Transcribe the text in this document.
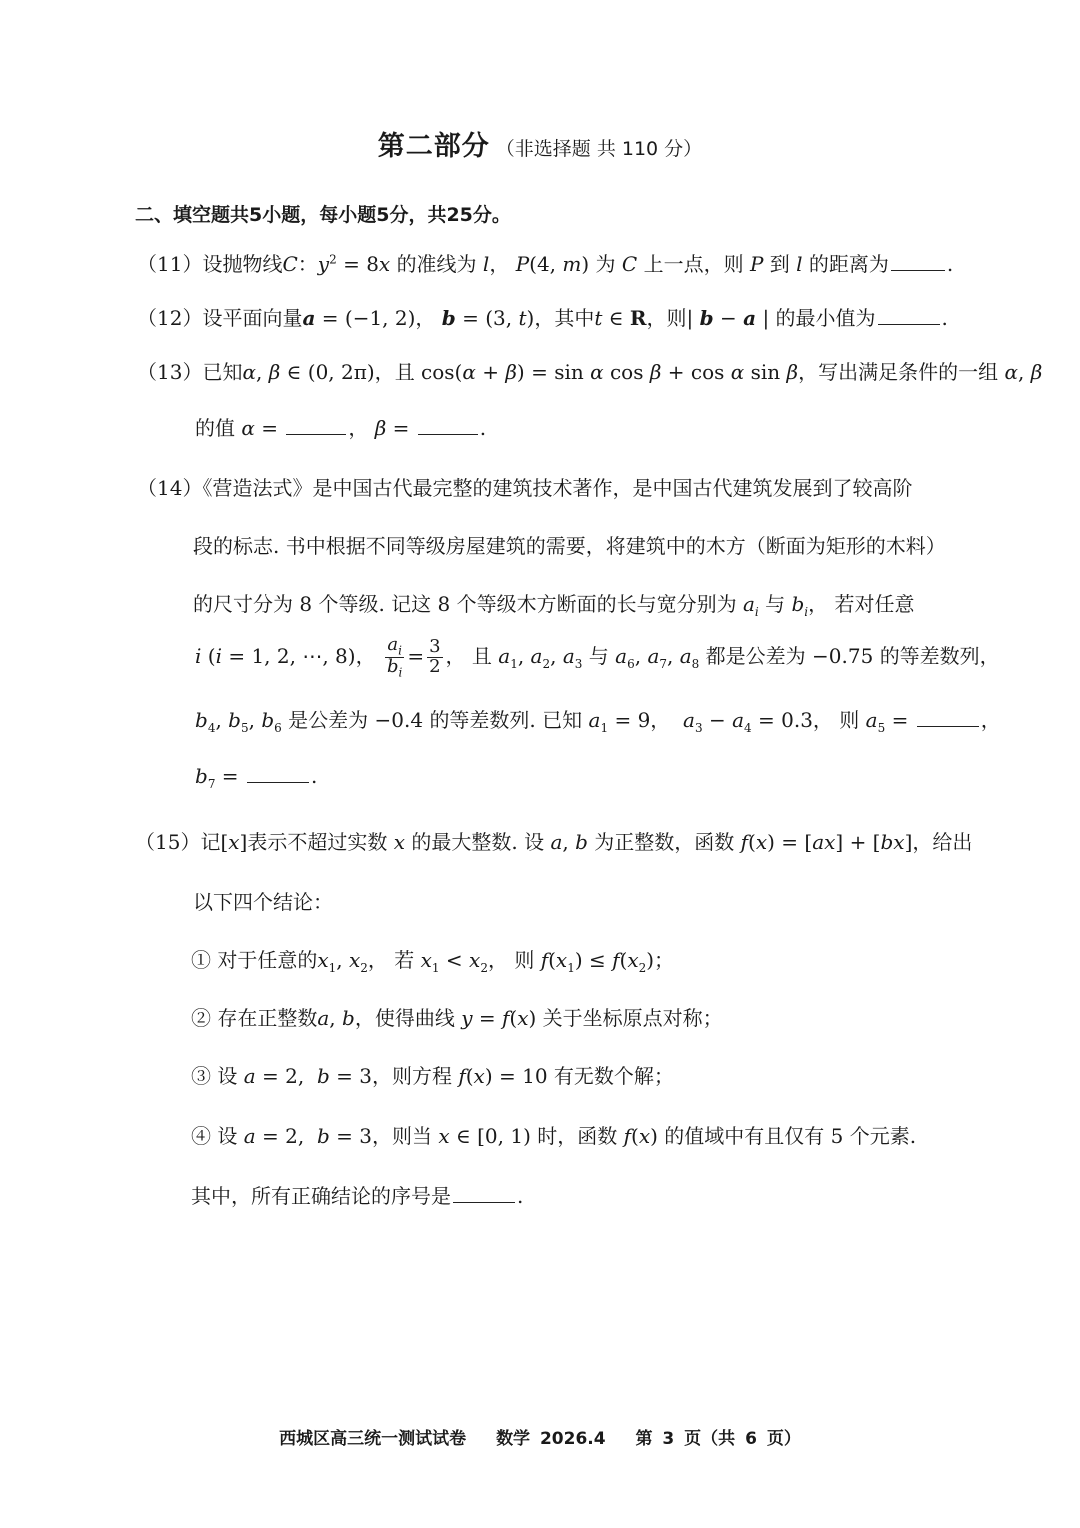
第二部分 （非选择题 共 110 分）
二、填空题共5小题，每小题5分，共25分。
（11）设抛物线C：$y^2 = 8x$ 的准线为 l， P(4, m) 为 C 上一点，则 P 到 l 的距离为	.
（12）设平面向量a = (−1, 2)， b = (3, t)，其中t ∈ R，则| b − a | 的最小值为	.
（13）已知α, β ∈ (0, 2π)，且 cos(α + β) = sin α cos β + cos α sin β，写出满足条件的一组 α, β
的值 α =	， β =	.
（14）《营造法式》是中国古代最完整的建筑技术著作，是中国古代建筑发展到了较高阶
段的标志. 书中根据不同等级房屋建筑的需要，将建筑中的木方（断面为矩形的木料）
的尺寸分为 8 个等级. 记这 8 个等级木方断面的长与宽分别为 $a_i$ 与 $b_i$， 若对任意
i (i = 1, 2, ⋯, 8)， $\frac{a_i}{b_i} = \frac{3}{2}$ ， 且 $a_1$, $a_2$, $a_3$ 与 $a_6$, $a_7$, $a_8$ 都是公差为 −0.75 的等差数列，
$b_4$, $b_5$, $b_6$ 是公差为 −0.4 的等差数列. 已知 $a_1 = 9$，  $a_3 - a_4 = 0.3$， 则 $a_5$ =	，
$b_7$ =	.
（15）记[x]表示不超过实数 x 的最大整数. 设 a, b 为正整数，函数 f(x) = [ax] + [bx]，给出
以下四个结论：
① 对于任意的$x_1$, $x_2$， 若 $x_1 < x_2$， 则 $f(x_1) \le f(x_2)$；
② 存在正整数a, b，使得曲线 y = f(x) 关于坐标原点对称；
③ 设 a = 2,  b = 3，则方程 f(x) = 10 有无数个解；
④ 设 a = 2,  b = 3，则当 x ∈ [0, 1) 时，函数 f(x) 的值域中有且仅有 5 个元素.
其中，所有正确结论的序号是	.
西城区高三统一测试试卷 数学 2026.4 第 3 页（共 6 页）
